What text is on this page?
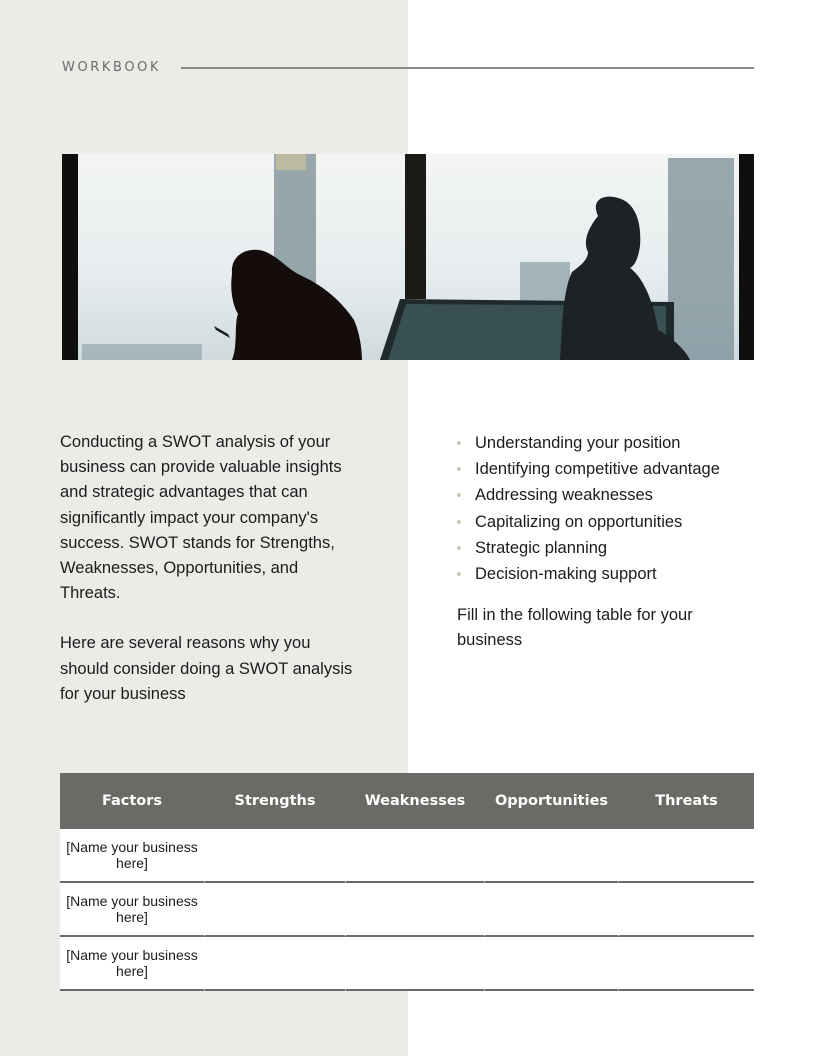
WORKBOOK

Conducting a SWOT analysis of your business can provide valuable insights and strategic advantages that can significantly impact your company's success. SWOT stands for Strengths, Weaknesses, Opportunities, and Threats.

Here are several reasons why you should consider doing a SWOT analysis for your business

Understanding your position
Identifying competitive advantage
Addressing weaknesses
Capitalizing on opportunities
Strategic planning
Decision-making support
Fill in the following table for your business
Factors	Strengths	Weaknesses	Opportunities	Threats
[Name your business here]				
[Name your business here]				
[Name your business here]				
